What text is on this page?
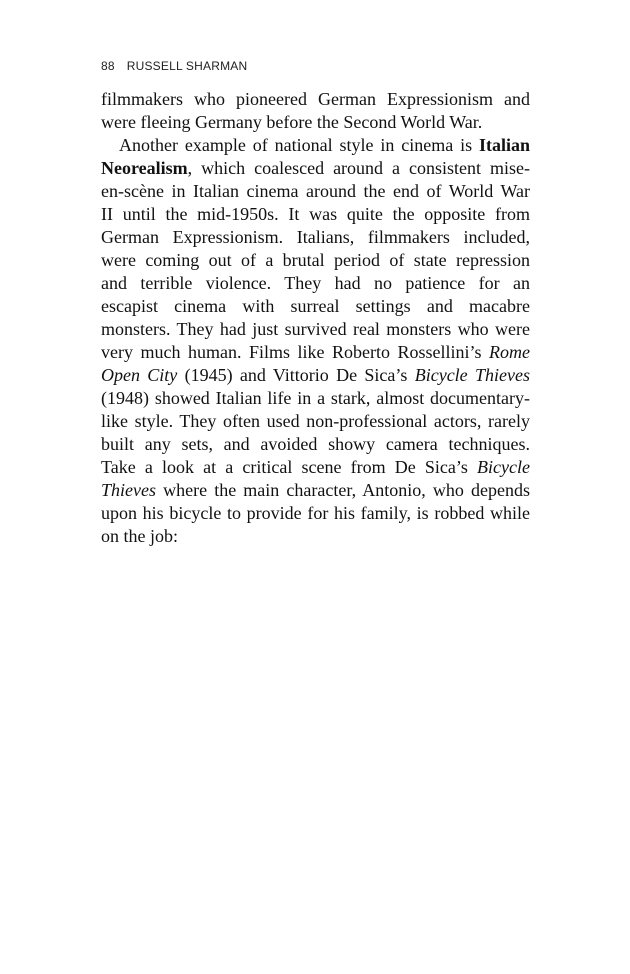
88 RUSSELL SHARMAN
filmmakers who pioneered German Expressionism and
were fleeing Germany before the Second World War.
Another example of national style in cinema is Italian
Neorealism, which coalesced around a consistent mise-
en-scène in Italian cinema around the end of World War
II until the mid-1950s. It was quite the opposite from
German Expressionism. Italians, filmmakers included,
were coming out of a brutal period of state repression
and terrible violence. They had no patience for an
escapist cinema with surreal settings and macabre
monsters. They had just survived real monsters who were
very much human. Films like Roberto Rossellini’s Rome
Open City (1945) and Vittorio De Sica’s Bicycle Thieves
(1948) showed Italian life in a stark, almost documentary-
like style. They often used non-professional actors, rarely
built any sets, and avoided showy camera techniques.
Take a look at a critical scene from De Sica’s Bicycle
Thieves where the main character, Antonio, who depends
upon his bicycle to provide for his family, is robbed while
on the job:
